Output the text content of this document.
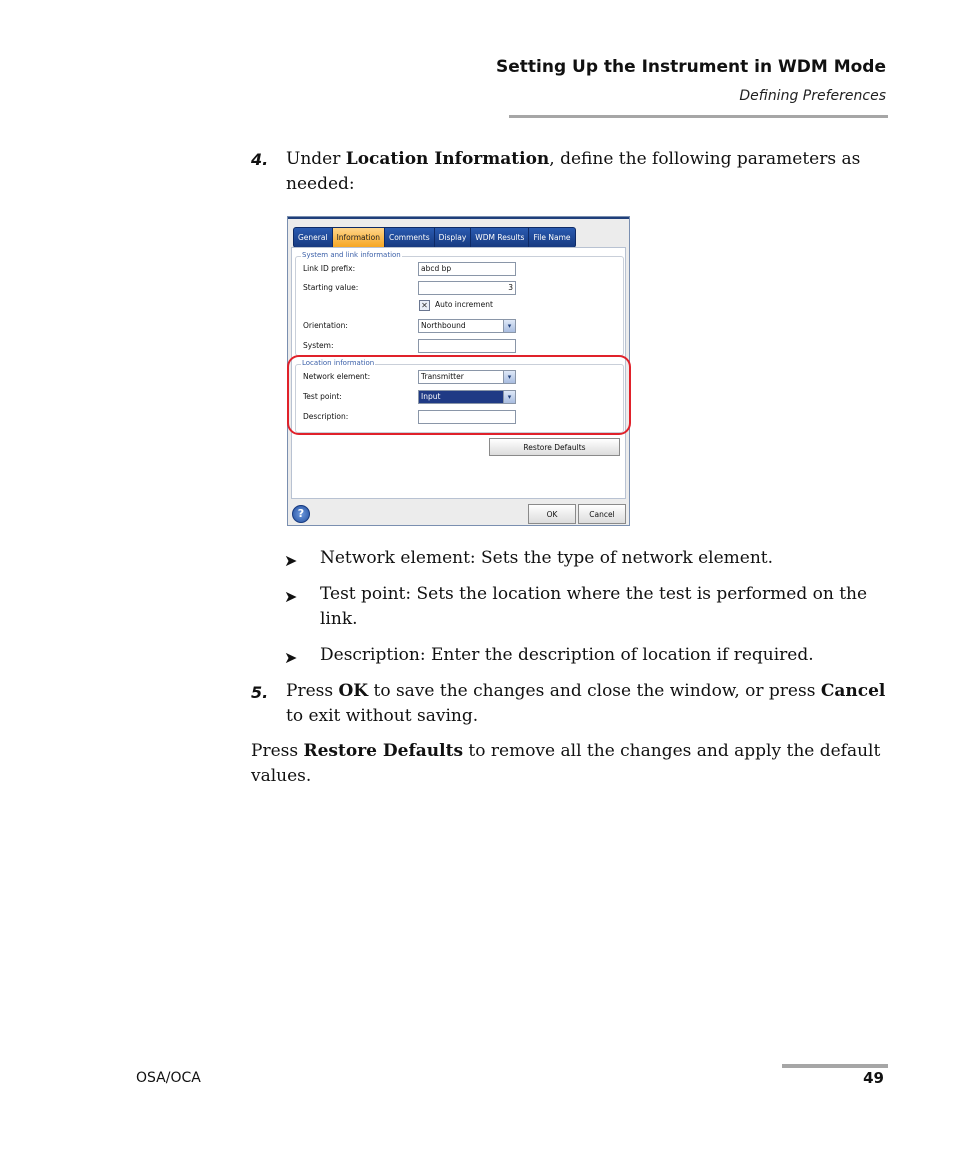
Setting Up the Instrument in WDM Mode
Defining Preferences
4. Under Location Information, define the following parameters as needed:
General	Information	Comments	Display	WDM Results	File Name
System and link information
Link ID prefix:	abcd bp
Starting value:	3
✕ Auto increment
Orientation:	Northbound	▾
System:
Location information
Network element:	Transmitter	▾
Test point:	Input	▾
Description:
Restore Defaults
?	OK	Cancel
➤ Network element: Sets the type of network element.
➤ Test point: Sets the location where the test is performed on the link.
➤ Description: Enter the description of location if required.
5. Press OK to save the changes and close the window, or press Cancel to exit without saving.
Press Restore Defaults to remove all the changes and apply the default values.
OSA/OCA	49
